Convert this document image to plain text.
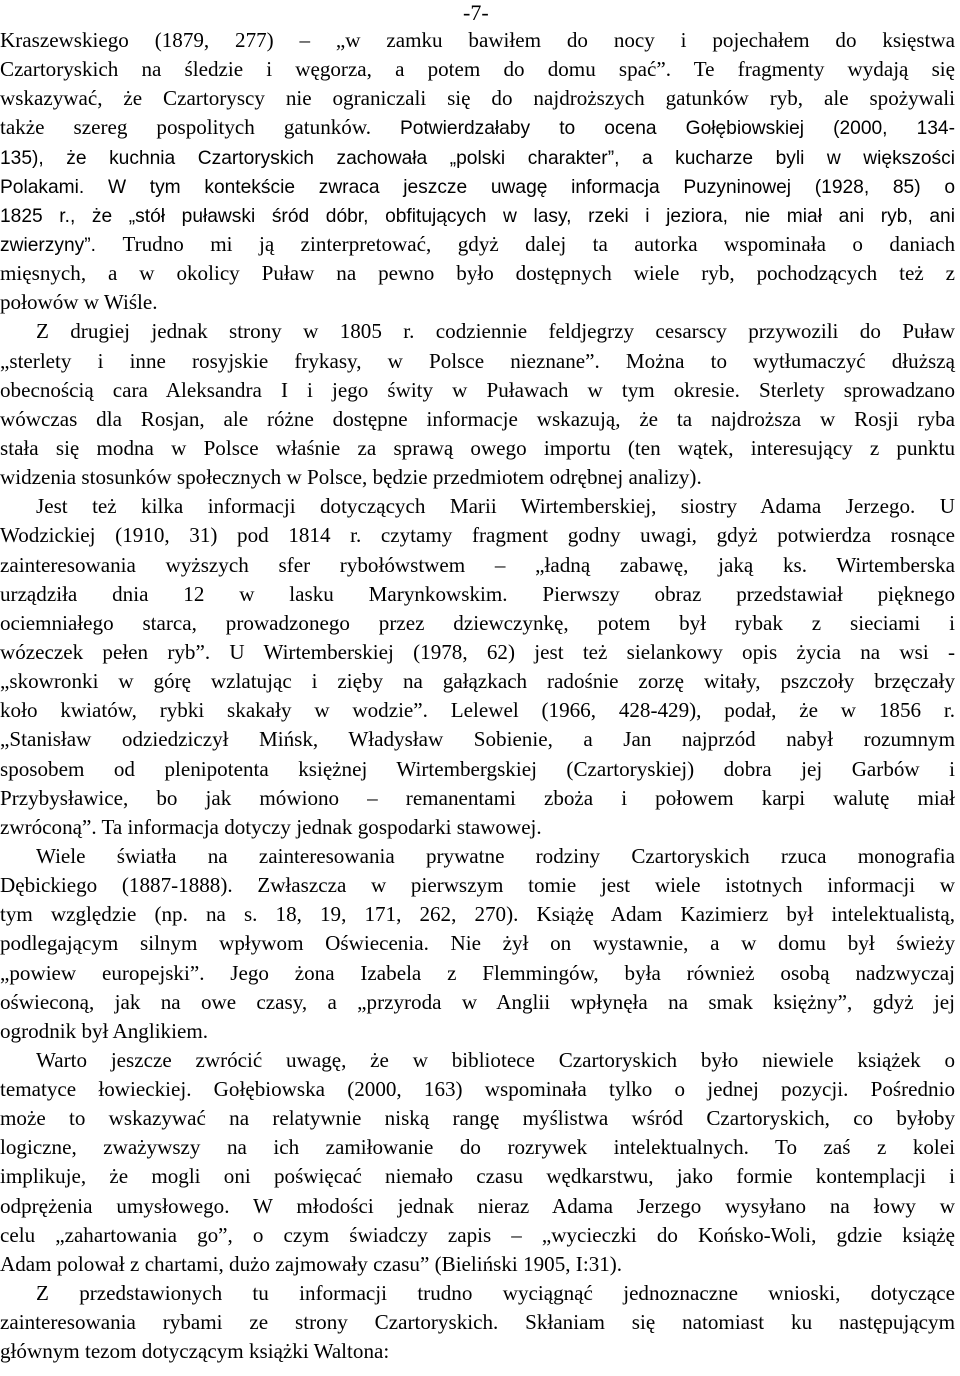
-7-
Kraszewskiego (1879, 277) – „w zamku bawiłem do nocy i pojechałem do księstwa
Czartoryskich na śledzie i węgorza, a potem do domu spać”. Te fragmenty wydają się
wskazywać, że Czartoryscy nie ograniczali się do najdroższych gatunków ryb, ale spożywali
także szereg pospolitych gatunków. Potwierdzałaby to ocena Gołębiowskiej (2000, 134-
135), że kuchnia Czartoryskich zachowała „polski charakter”, a kucharze byli w większości
Polakami. W tym kontekście zwraca jeszcze uwagę informacja Puzyninowej (1928, 85) o
1825 r., że „stół puławski śród dóbr, obfitujących w lasy, rzeki i jeziora, nie miał ani ryb, ani
zwierzyny”. Trudno mi ją zinterpretować, gdyż dalej ta autorka wspominała o daniach
mięsnych, a w okolicy Puław na pewno było dostępnych wiele ryb, pochodzących też z
połowów w Wiśle.
Z drugiej jednak strony w 1805 r. codziennie feldjegrzy cesarscy przywozili do Puław
„sterlety i inne rosyjskie frykasy, w Polsce nieznane”. Można to wytłumaczyć dłuższą
obecnością cara Aleksandra I i jego świty w Puławach w tym okresie. Sterlety sprowadzano
wówczas dla Rosjan, ale różne dostępne informacje wskazują, że ta najdroższa w Rosji ryba
stała się modna w Polsce właśnie za sprawą owego importu (ten wątek, interesujący z punktu
widzenia stosunków społecznych w Polsce, będzie przedmiotem odrębnej analizy).
Jest też kilka informacji dotyczących Marii Wirtemberskiej, siostry Adama Jerzego. U
Wodzickiej (1910, 31) pod 1814 r. czytamy fragment godny uwagi, gdyż potwierdza rosnące
zainteresowania wyższych sfer rybołówstwem – „ładną zabawę, jaką ks. Wirtemberska
urządziła dnia 12 w lasku Marynkowskim. Pierwszy obraz przedstawiał pięknego
ociemniałego starca, prowadzonego przez dziewczynkę, potem był rybak z sieciami i
wózeczek pełen ryb”. U Wirtemberskiej (1978, 62) jest też sielankowy opis życia na wsi -
„skowronki w górę wzlatując i zięby na gałązkach radośnie zorzę witały, pszczoły brzęczały
koło kwiatów, rybki skakały w wodzie”. Lelewel (1966, 428-429), podał, że w 1856 r.
„Stanisław odziedziczył Mińsk, Władysław Sobienie, a Jan najprzód nabył rozumnym
sposobem od plenipotenta księżnej Wirtembergskiej (Czartoryskiej) dobra jej Garbów i
Przybysławice, bo jak mówiono – remanentami zboża i połowem karpi walutę miał
zwróconą”. Ta informacja dotyczy jednak gospodarki stawowej.
Wiele światła na zainteresowania prywatne rodziny Czartoryskich rzuca monografia
Dębickiego (1887-1888). Zwłaszcza w pierwszym tomie jest wiele istotnych informacji w
tym względzie (np. na s. 18, 19, 171, 262, 270). Książę Adam Kazimierz był intelektualistą,
podlegającym silnym wpływom Oświecenia. Nie żył on wystawnie, a w domu był świeży
„powiew europejski”. Jego żona Izabela z Flemmingów, była również osobą nadzwyczaj
oświeconą, jak na owe czasy, a „przyroda w Anglii wpłynęła na smak księżny”, gdyż jej
ogrodnik był Anglikiem.
Warto jeszcze zwrócić uwagę, że w bibliotece Czartoryskich było niewiele książek o
tematyce łowieckiej. Gołębiowska (2000, 163) wspominała tylko o jednej pozycji. Pośrednio
może to wskazywać na relatywnie niską rangę myślistwa wśród Czartoryskich, co byłoby
logiczne, zważywszy na ich zamiłowanie do rozrywek intelektualnych. To zaś z kolei
implikuje, że mogli oni poświęcać niemało czasu wędkarstwu, jako formie kontemplacji i
odprężenia umysłowego. W młodości jednak nieraz Adama Jerzego wysyłano na łowy w
celu „zahartowania go”, o czym świadczy zapis – „wycieczki do Końsko-Woli, gdzie książę
Adam polował z chartami, dużo zajmowały czasu” (Bieliński 1905, I:31).
Z przedstawionych tu informacji trudno wyciągnąć jednoznaczne wnioski, dotyczące
zainteresowania rybami ze strony Czartoryskich. Skłaniam się natomiast ku następującym
głównym tezom dotyczącym książki Waltona:
